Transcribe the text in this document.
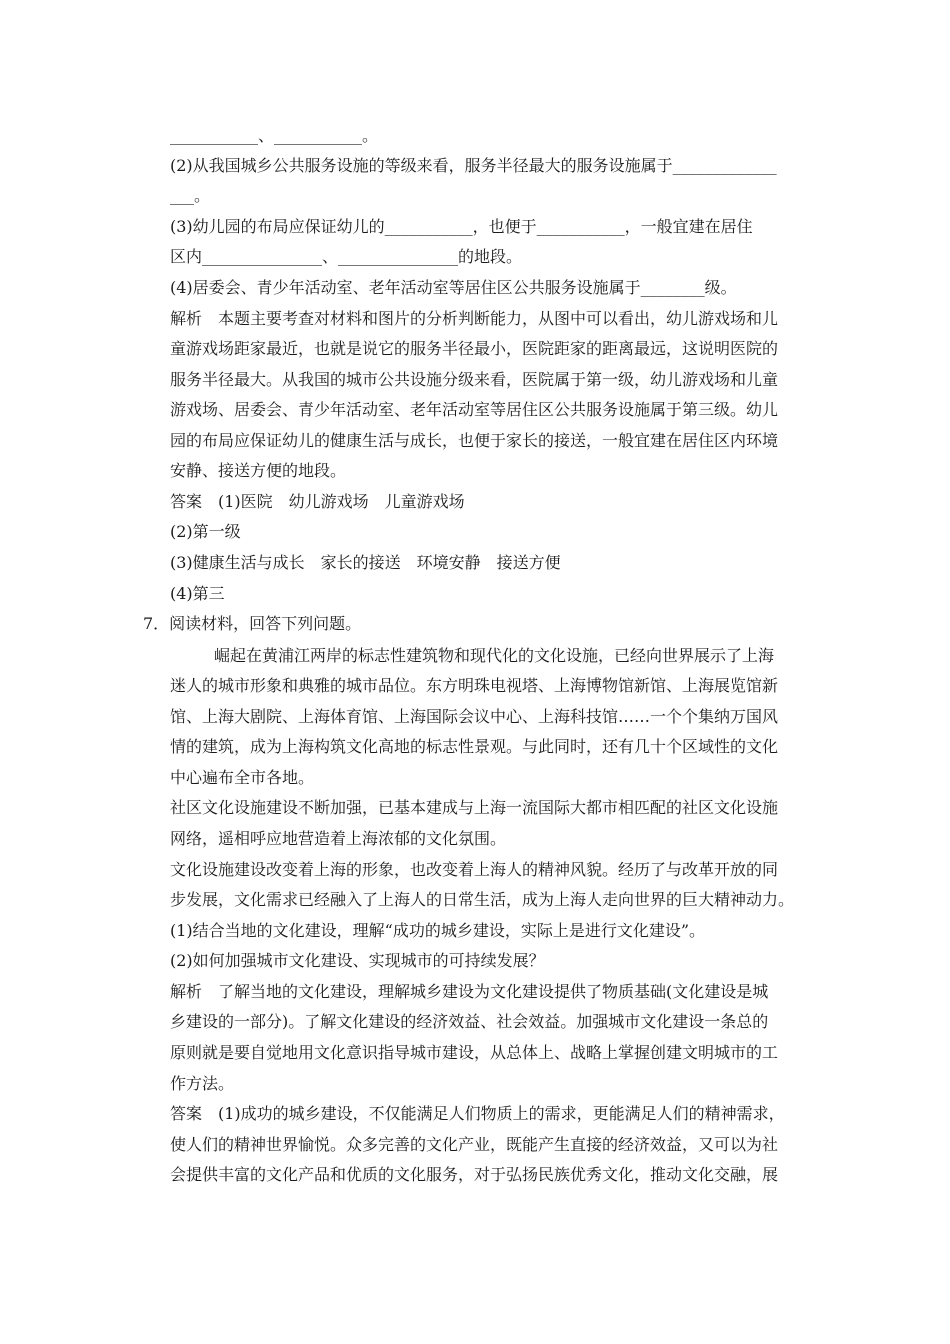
___________、___________。
(2)从我国城乡公共服务设施的等级来看，服务半径最大的服务设施属于_____________
___。
(3)幼儿园的布局应保证幼儿的___________，也便于___________，一般宜建在居住
区内_______________、_______________的地段。
(4)居委会、青少年活动室、老年活动室等居住区公共服务设施属于________级。
解析　本题主要考查对材料和图片的分析判断能力，从图中可以看出，幼儿游戏场和儿
童游戏场距家最近，也就是说它的服务半径最小，医院距家的距离最远，这说明医院的
服务半径最大。从我国的城市公共设施分级来看，医院属于第一级，幼儿游戏场和儿童
游戏场、居委会、青少年活动室、老年活动室等居住区公共服务设施属于第三级。幼儿
园的布局应保证幼儿的健康生活与成长，也便于家长的接送，一般宜建在居住区内环境
安静、接送方便的地段。
答案　(1)医院　幼儿游戏场　儿童游戏场
(2)第一级
(3)健康生活与成长　家长的接送　环境安静　接送方便
(4)第三
7．阅读材料，回答下列问题。
崛起在黄浦江两岸的标志性建筑物和现代化的文化设施，已经向世界展示了上海
迷人的城市形象和典雅的城市品位。东方明珠电视塔、上海博物馆新馆、上海展览馆新
馆、上海大剧院、上海体育馆、上海国际会议中心、上海科技馆……一个个集纳万国风
情的建筑，成为上海构筑文化高地的标志性景观。与此同时，还有几十个区域性的文化
中心遍布全市各地。
社区文化设施建设不断加强，已基本建成与上海一流国际大都市相匹配的社区文化设施
网络，遥相呼应地营造着上海浓郁的文化氛围。
文化设施建设改变着上海的形象，也改变着上海人的精神风貌。经历了与改革开放的同
步发展，文化需求已经融入了上海人的日常生活，成为上海人走向世界的巨大精神动力。
(1)结合当地的文化建设，理解“成功的城乡建设，实际上是进行文化建设”。
(2)如何加强城市文化建设、实现城市的可持续发展？
解析　了解当地的文化建设，理解城乡建设为文化建设提供了物质基础(文化建设是城
乡建设的一部分)。了解文化建设的经济效益、社会效益。加强城市文化建设一条总的
原则就是要自觉地用文化意识指导城市建设，从总体上、战略上掌握创建文明城市的工
作方法。
答案　(1)成功的城乡建设，不仅能满足人们物质上的需求，更能满足人们的精神需求，
使人们的精神世界愉悦。众多完善的文化产业，既能产生直接的经济效益，又可以为社
会提供丰富的文化产品和优质的文化服务，对于弘扬民族优秀文化，推动文化交融，展
